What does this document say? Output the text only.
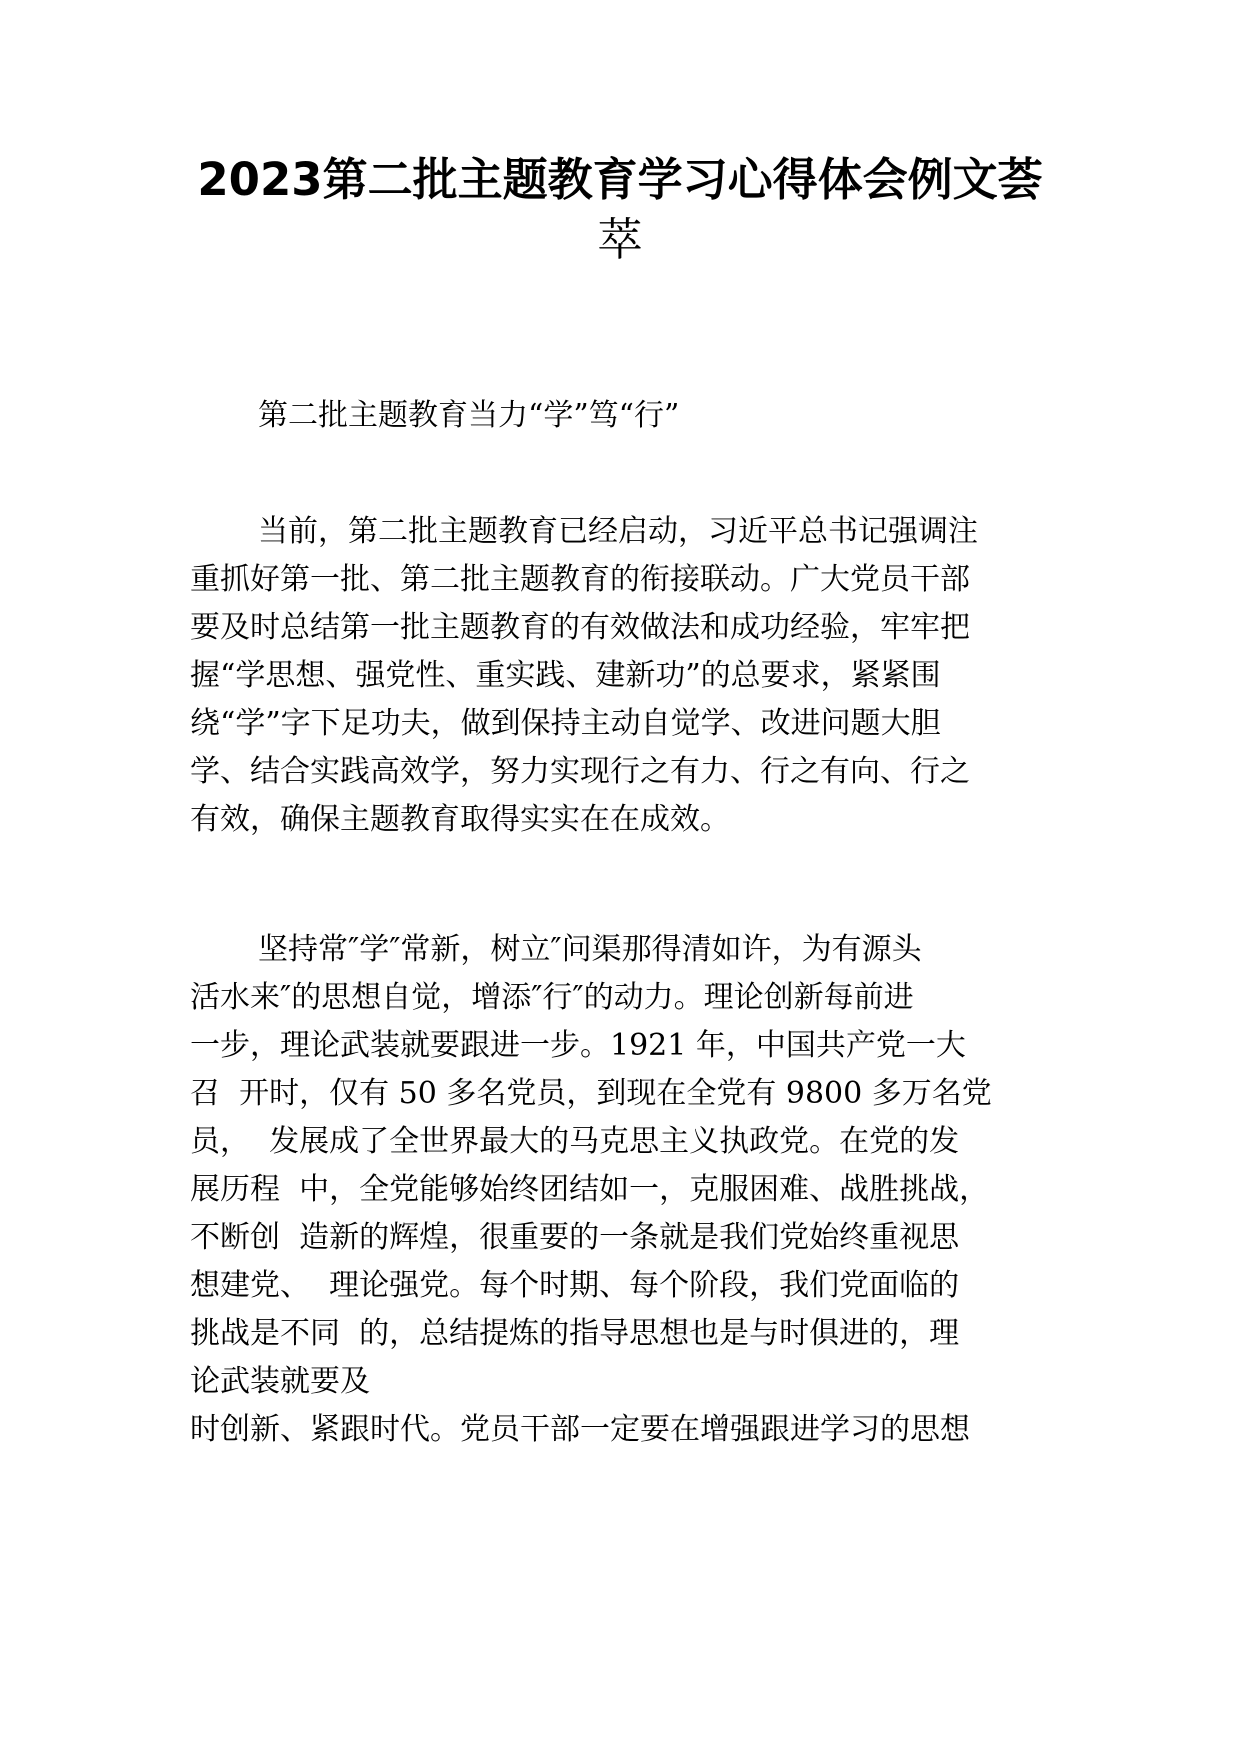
2023第二批主题教育学习心得体会例文荟
萃

第二批主题教育当力“学”笃“行”

当前，第二批主题教育已经启动，习近平总书记强调注
重抓好第一批、第二批主题教育的衔接联动。广大党员干部
要及时总结第一批主题教育的有效做法和成功经验，牢牢把
握“学思想、强党性、重实践、建新功”的总要求，紧紧围
绕“学”字下足功夫，做到保持主动自觉学、改进问题大胆
学、结合实践高效学，努力实现行之有力、行之有向、行之
有效，确保主题教育取得实实在在成效。

坚持常″学″常新，树立″问渠那得清如许，为有源头
活水来″的思想自觉，增添″行″的动力。理论创新每前进
一步，理论武装就要跟进一步。1921 年，中国共产党一大
召  开时，仅有 50 多名党员，到现在全党有 9800 多万名党
员，  发展成了全世界最大的马克思主义执政党。在党的发
展历程  中，全党能够始终团结如一，克服困难、战胜挑战，
不断创  造新的辉煌，很重要的一条就是我们党始终重视思
想建党、  理论强党。每个时期、每个阶段，我们党面临的
挑战是不同  的，总结提炼的指导思想也是与时俱进的，理
论武装就要及
时创新、紧跟时代。党员干部一定要在增强跟进学习的思想
